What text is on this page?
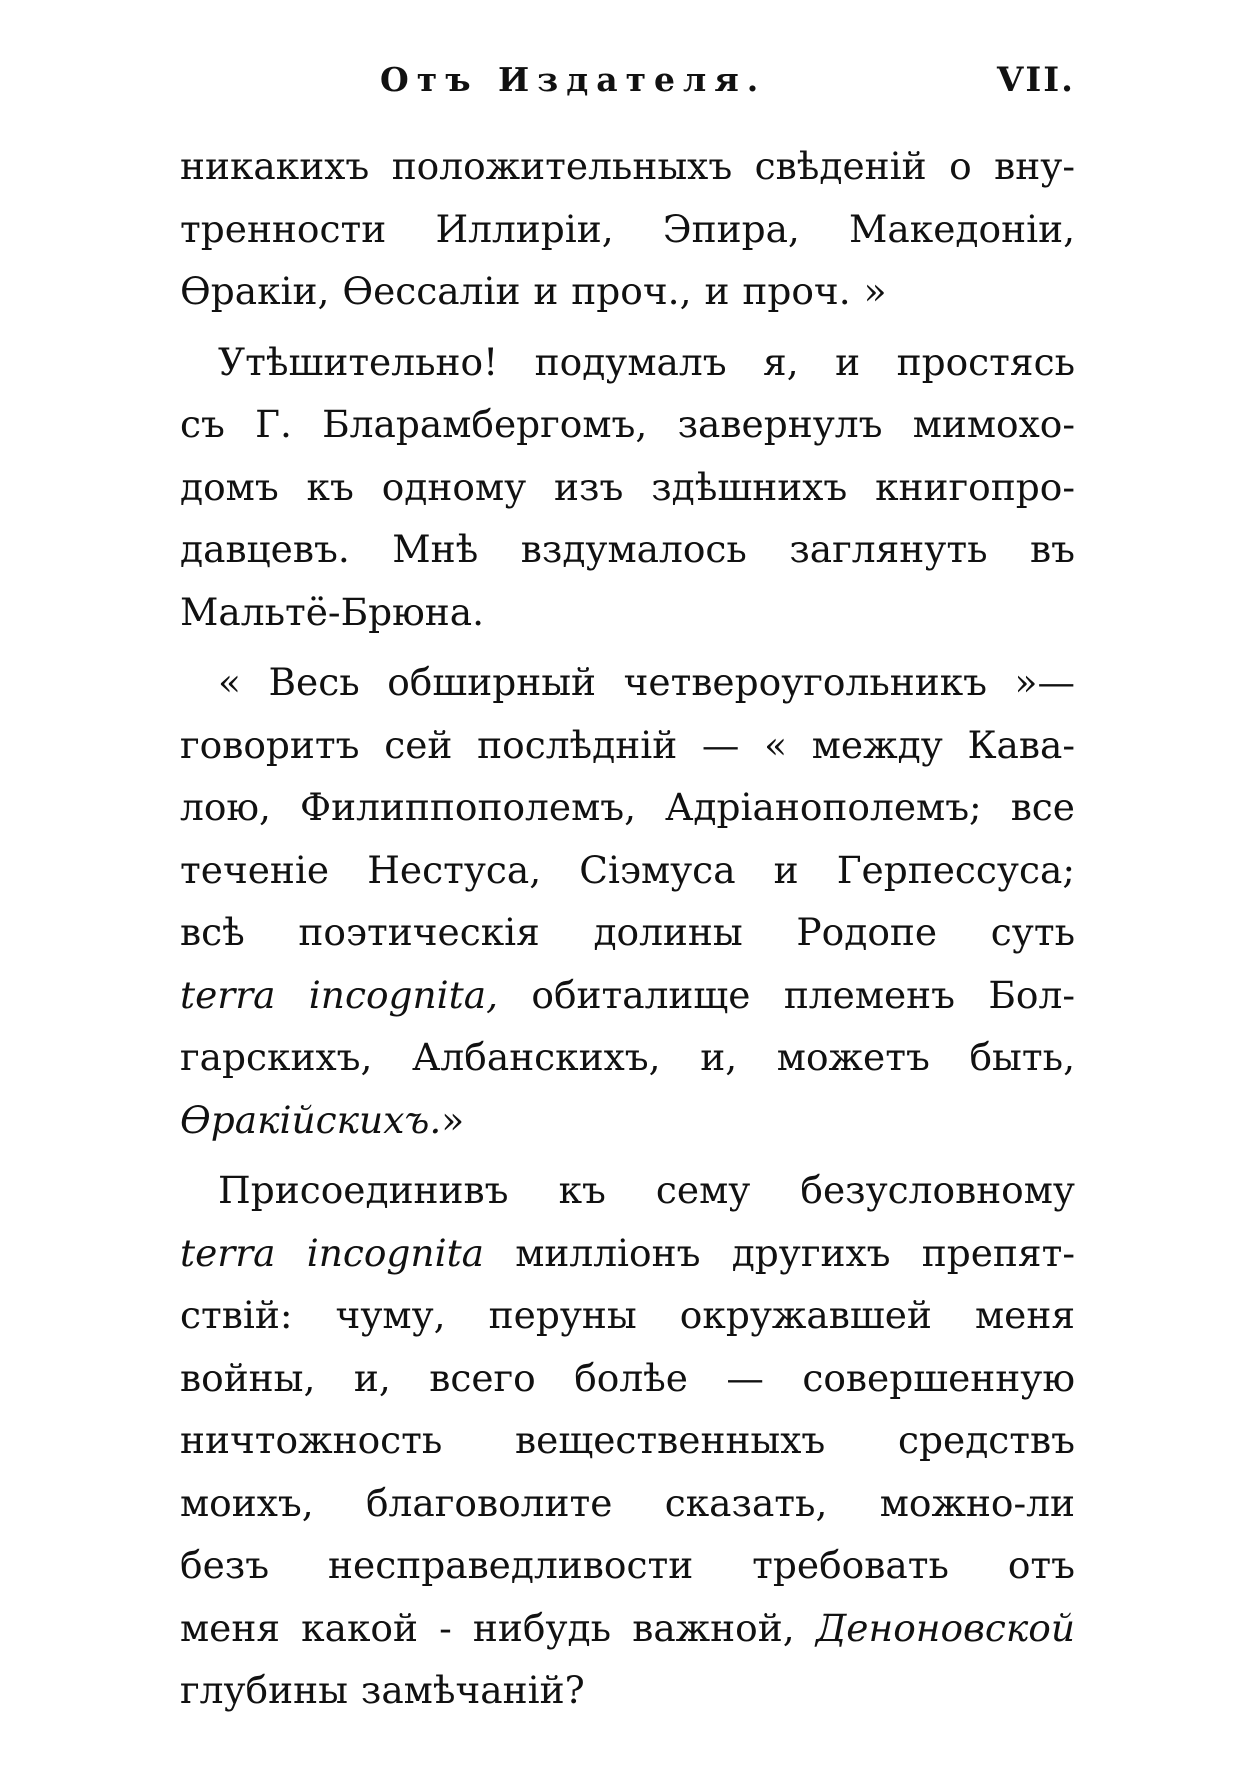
Отъ Издателя.	VII.

никакихъ положительныхъ свѣденій о вну-
тренности Иллиріи, Эпира, Македоніи,
Ѳракіи, Ѳессаліи и проч., и проч. »

Утѣшительно! подумалъ я, и простясь
съ Г. Бларамбергомъ, завернулъ мимохо-
домъ къ одному изъ здѣшнихъ книгопро-
давцевъ. Мнѣ вздумалось заглянуть въ
Мальтё-Брюна.

« Весь обширный четвероугольникъ »—
говоритъ сей послѣдній — « между Кава-
лою, Филиппополемъ, Адріанополемъ; все
теченіе Нестуса, Сіэмуса и Герпессуса;
всѣ поэтическія долины Родопе суть
terra incognita, обиталище племенъ Бол-
гарскихъ, Албанскихъ, и, можетъ быть,
Ѳракійскихъ.»

Присоединивъ къ сему безусловному
terra incognita милліонъ другихъ препят-
ствій: чуму, перуны окружавшей меня
войны, и, всего болѣе — совершенную
ничтожность вещественныхъ средствъ
моихъ, благоволите сказать, можно-ли
безъ несправедливости требовать отъ
меня какой - нибудь важной, Деноновской
глубины замѣчаній?
